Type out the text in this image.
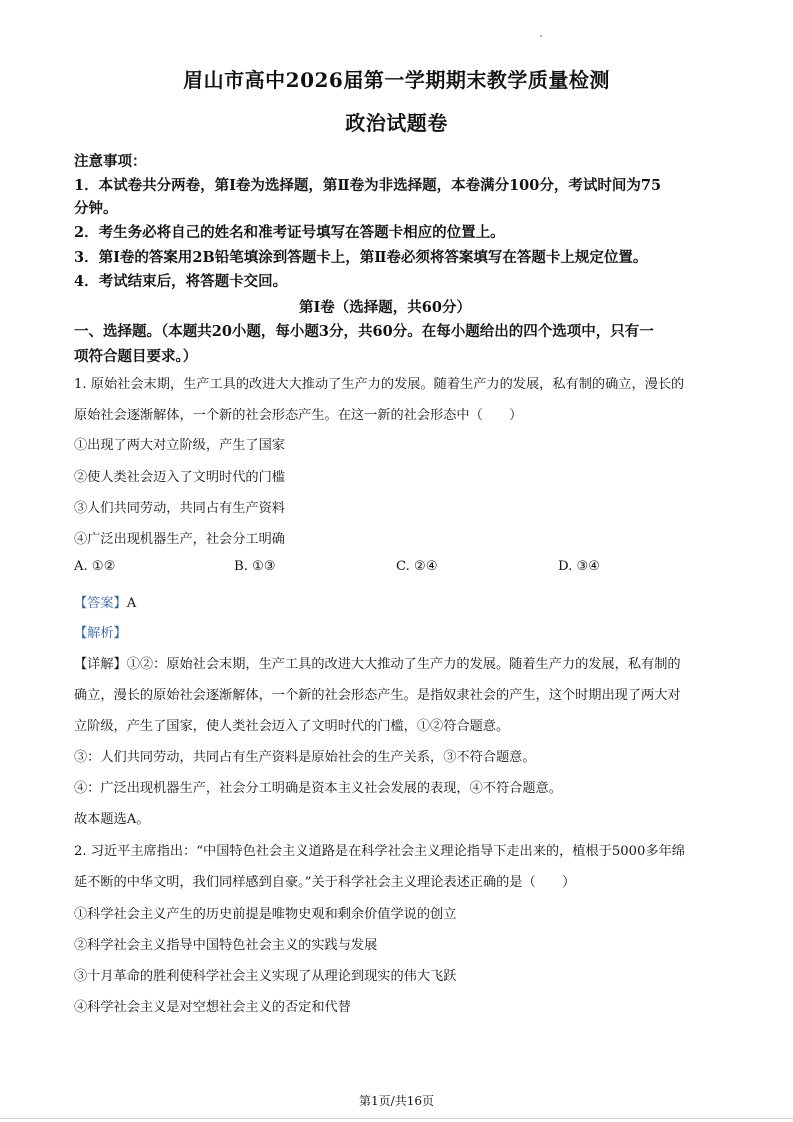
眉山市高中2026届第一学期期末教学质量检测
政治试题卷
注意事项：
1．本试卷共分两卷，第Ⅰ卷为选择题，第Ⅱ卷为非选择题，本卷满分100分，考试时间为75
分钟。
2．考生务必将自己的姓名和准考证号填写在答题卡相应的位置上。
3．第Ⅰ卷的答案用2B铅笔填涂到答题卡上，第Ⅱ卷必须将答案填写在答题卡上规定位置。
4．考试结束后，将答题卡交回。
第Ⅰ卷（选择题，共60分）
一、选择题。（本题共20小题，每小题3分，共60分。在每小题给出的四个选项中，只有一
项符合题目要求。）
1. 原始社会末期，生产工具的改进大大推动了生产力的发展。随着生产力的发展，私有制的确立，漫长的
原始社会逐渐解体，一个新的社会形态产生。在这一新的社会形态中（　　）
①出现了两大对立阶级，产生了国家
②使人类社会迈入了文明时代的门槛
③人们共同劳动，共同占有生产资料
④广泛出现机器生产，社会分工明确
A. ①②	B. ①③	C. ②④	D. ③④
【答案】A
【解析】
【详解】①②：原始社会末期，生产工具的改进大大推动了生产力的发展。随着生产力的发展，私有制的
确立，漫长的原始社会逐渐解体，一个新的社会形态产生。是指奴隶社会的产生，这个时期出现了两大对
立阶级，产生了国家，使人类社会迈入了文明时代的门槛，①②符合题意。
③：人们共同劳动，共同占有生产资料是原始社会的生产关系，③不符合题意。
④：广泛出现机器生产，社会分工明确是资本主义社会发展的表现，④不符合题意。
故本题选A。
2. 习近平主席指出：“中国特色社会主义道路是在科学社会主义理论指导下走出来的，植根于5000多年绵
延不断的中华文明，我们同样感到自豪。”关于科学社会主义理论表述正确的是（　　）
①科学社会主义产生的历史前提是唯物史观和剩余价值学说的创立
②科学社会主义指导中国特色社会主义的实践与发展
③十月革命的胜利使科学社会主义实现了从理论到现实的伟大飞跃
④科学社会主义是对空想社会主义的否定和代替
第1页/共16页
